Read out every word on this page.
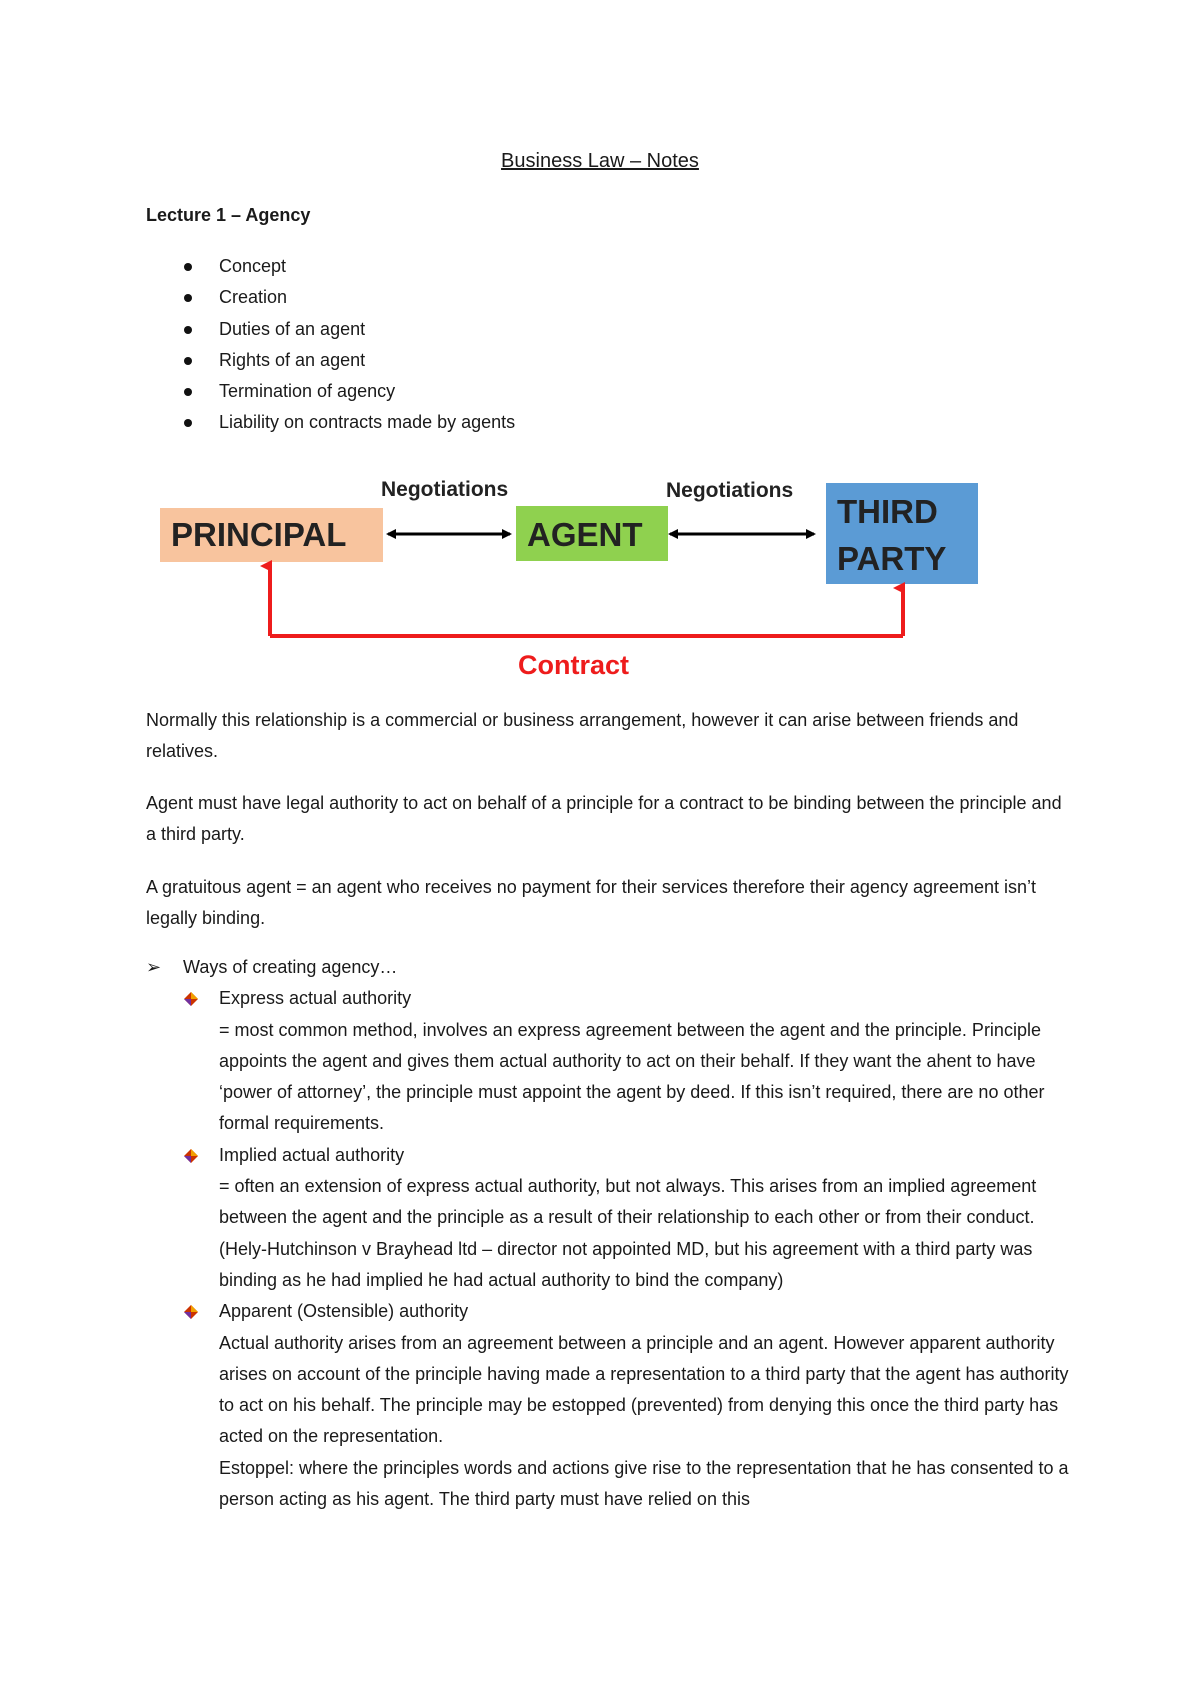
Business Law – Notes
Lecture 1 – Agency
Concept
Creation
Duties of an agent
Rights of an agent
Termination of agency
Liability on contracts made by agents
PRINCIPAL	AGENT
THIRD
PARTY
Negotiations	Negotiations
Contract

Normally this relationship is a commercial or business arrangement, however it can arise between friends and relatives.

Agent must have legal authority to act on behalf of a principle for a contract to be binding between the principle and a third party.

A gratuitous agent = an agent who receives no payment for their services therefore their agency agreement isn’t legally binding.

➢ Ways of creating agency…
Express actual authority
= most common method, involves an express agreement between the agent and the principle. Principle appoints the agent and gives them actual authority to act on their behalf. If they want the ahent to have ‘power of attorney’, the principle must appoint the agent by deed. If this isn’t required, there are no other formal requirements.
Implied actual authority
= often an extension of express actual authority, but not always. This arises from an implied agreement between the agent and the principle as a result of their relationship to each other or from their conduct. (Hely-Hutchinson v Brayhead ltd – director not appointed MD, but his agreement with a third party was binding as he had implied he had actual authority to bind the company)
Apparent (Ostensible) authority
Actual authority arises from an agreement between a principle and an agent. However apparent authority arises on account of the principle having made a representation to a third party that the agent has authority to act on his behalf. The principle may be estopped (prevented) from denying this once the third party has acted on the representation.
Estoppel: where the principles words and actions give rise to the representation that he has consented to a person acting as his agent. The third party must have relied on this
